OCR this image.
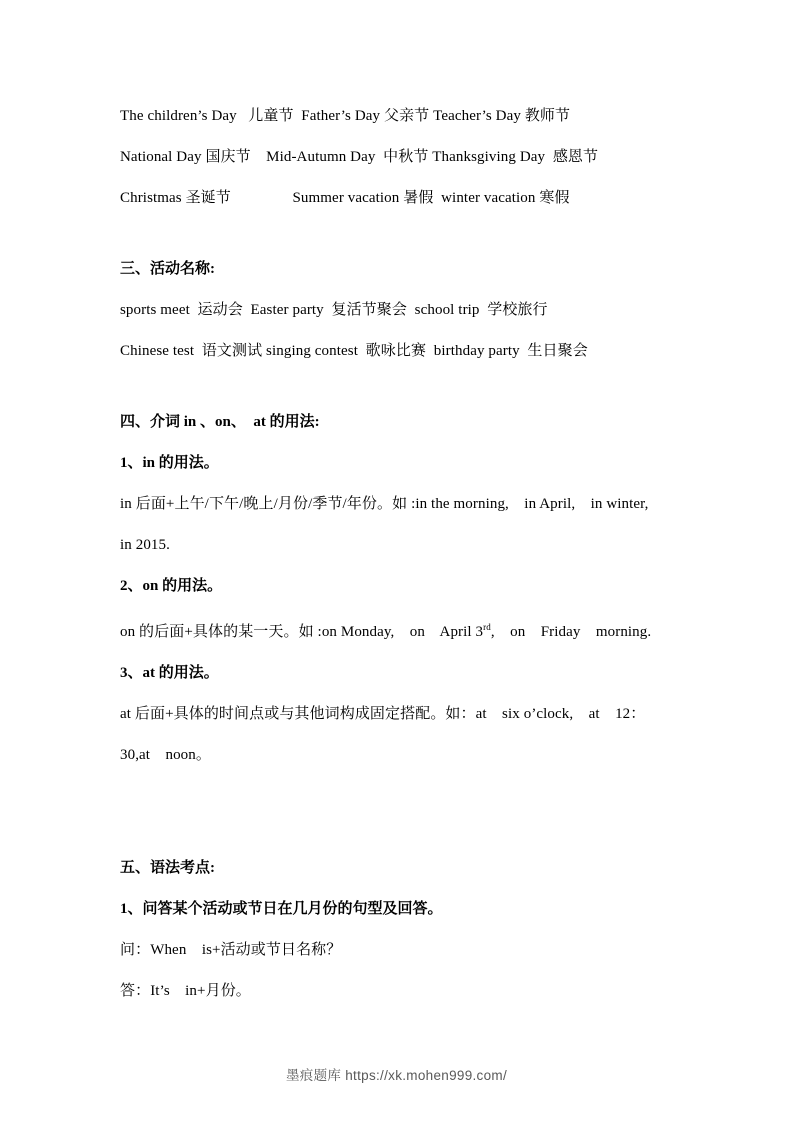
The children’s Day   儿童节  Father’s Day 父亲节 Teacher’s Day 教师节
National Day 国庆节    Mid-Autumn Day  中秋节 Thanksgiving Day  感恩节
Christmas 圣诞节                Summer vacation 暑假  winter vacation 寒假
三、活动名称:
sports meet  运动会  Easter party  复活节聚会  school trip  学校旅行
Chinese test  语文测试 singing contest  歌咏比赛  birthday party  生日聚会
四、介词 in 、on、  at 的用法:
1、in 的用法。
in 后面+上午/下午/晚上/月份/季节/年份。如 :in the morning,    in April,    in winter,
in 2015.
2、on 的用法。
on 的后面+具体的某一天。如 :on Monday,    on    April 3rd,    on    Friday    morning.
3、at 的用法。
at 后面+具体的时间点或与其他词构成固定搭配。如：at    six o’clock,    at    12：
30,at    noon。
五、语法考点:
1、问答某个活动或节日在几月份的句型及回答。
问：When    is+活动或节日名称？
答：It’s    in+月份。
墨痕题库 https://xk.mohen999.com/
